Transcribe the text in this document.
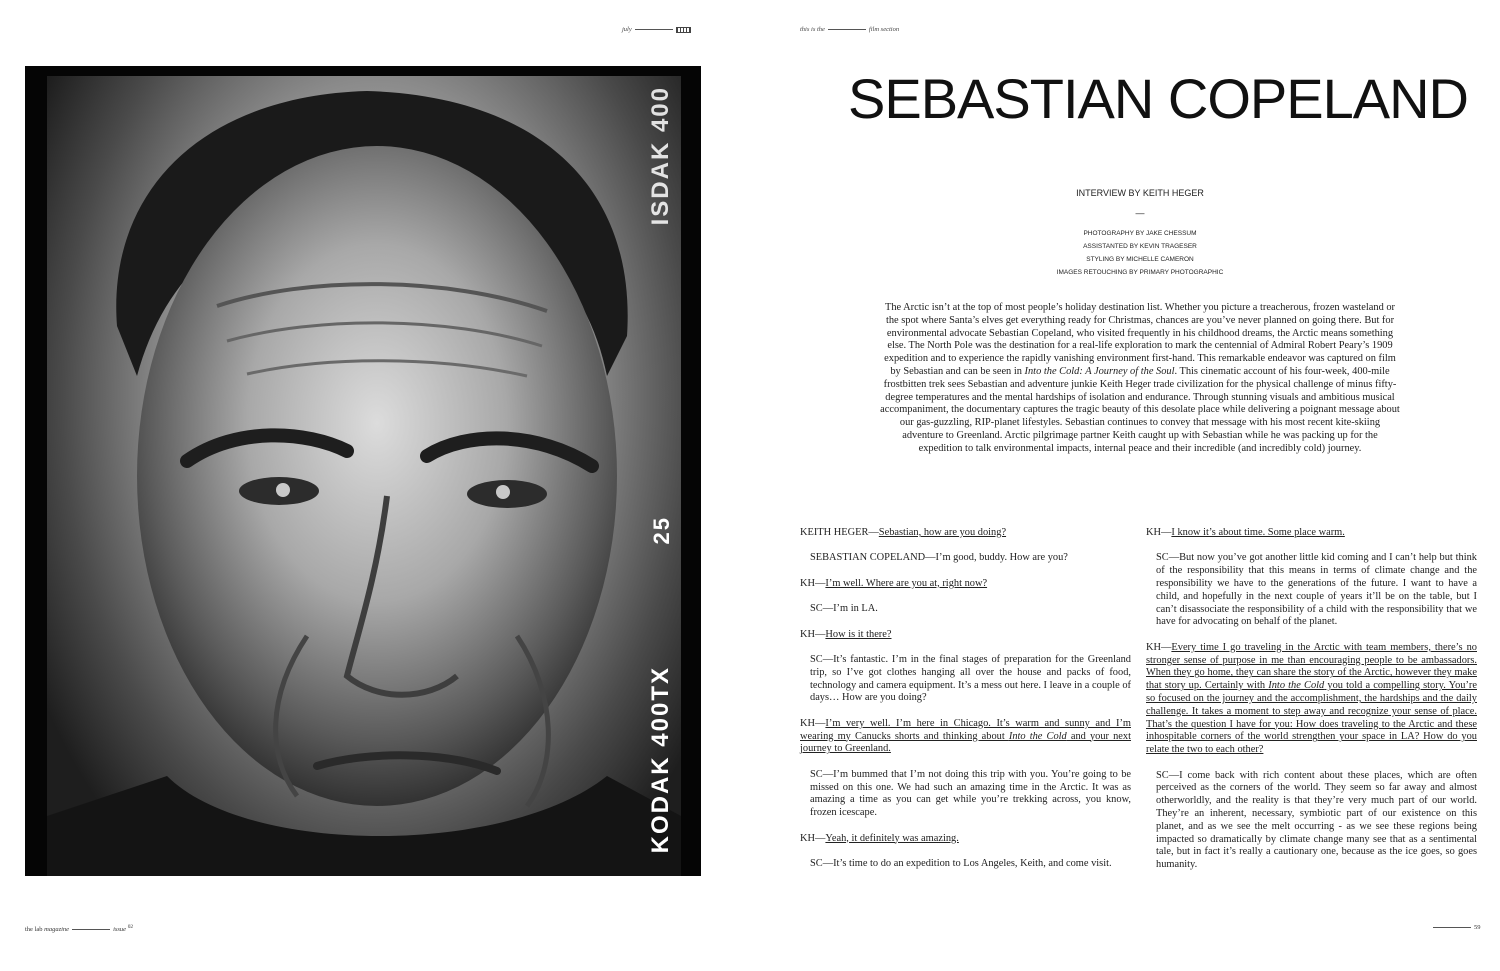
july	this is the	film section
ISDAK 400
25
KODAK 400TX
SEBASTIAN COPELAND
INTERVIEW BY KEITH HEGER
—
PHOTOGRAPHY BY JAKE CHESSUM
ASSISTANTED BY KEVIN TRAGESER
STYLING BY MICHELLE CAMERON
IMAGES RETOUCHING BY PRIMARY PHOTOGRAPHIC
The Arctic isn’t at the top of most people’s holiday destination list. Whether you picture a treacherous, frozen wasteland or the spot where Santa’s elves get everything ready for Christmas, chances are you’ve never planned on going there. But for environmental advocate Sebastian Copeland, who visited frequently in his childhood dreams, the Arctic means something else. The North Pole was the destination for a real-life exploration to mark the centennial of Admiral Robert Peary’s 1909 expedition and to experience the rapidly vanishing environment first-hand. This remarkable endeavor was captured on film by Sebastian and can be seen in Into the Cold: A Journey of the Soul. This cinematic account of his four-week, 400-mile frostbitten trek sees Sebastian and adventure junkie Keith Heger trade civilization for the physical challenge of minus fifty-degree temperatures and the mental hardships of isolation and endurance. Through stunning visuals and ambitious musical accompaniment, the documentary captures the tragic beauty of this desolate place while delivering a poignant message about our gas-guzzling, RIP-planet lifestyles. Sebastian continues to convey that message with his most recent kite-skiing adventure to Greenland. Arctic pilgrimage partner Keith caught up with Sebastian while he was packing up for the expedition to talk environmental impacts, internal peace and their incredible (and incredibly cold) journey.

KEITH HEGER—Sebastian, how are you doing?

SEBASTIAN COPELAND—I’m good, buddy. How are you?

KH—I’m well. Where are you at, right now?

SC—I’m in LA.

KH—How is it there?

SC—It’s fantastic. I’m in the final stages of preparation for the Greenland trip, so I’ve got clothes hanging all over the house and packs of food, technology and camera equipment. It’s a mess out here. I leave in a couple of days… How are you doing?

KH—I’m very well. I’m here in Chicago. It’s warm and sunny and I’m wearing my Canucks shorts and thinking about Into the Cold and your next journey to Greenland.

SC—I’m bummed that I’m not doing this trip with you. You’re going to be missed on this one. We had such an amazing time in the Arctic. It was as amazing a time as you can get while you’re trekking across, you know, frozen icescape.

KH—Yeah, it definitely was amazing.

SC—It’s time to do an expedition to Los Angeles, Keith, and come visit.

KH—I know it’s about time. Some place warm.

SC—But now you’ve got another little kid coming and I can’t help but think of the responsibility that this means in terms of climate change and the responsibility we have to the generations of the future. I want to have a child, and hopefully in the next couple of years it’ll be on the table, but I can’t disassociate the responsibility of a child with the responsibility that we have for advocating on behalf of the planet.

KH—Every time I go traveling in the Arctic with team members, there’s no stronger sense of purpose in me than encouraging people to be ambassadors. When they go home, they can share the story of the Arctic, however they make that story up. Certainly with Into the Cold you told a compelling story. You’re so focused on the journey and the accomplishment, the hardships and the daily challenge. It takes a moment to step away and recognize your sense of place. That’s the question I have for you: How does traveling to the Arctic and these inhospitable corners of the world strengthen your space in LA? How do you relate the two to each other?

SC—I come back with rich content about these places, which are often perceived as the corners of the world. They seem so far away and almost otherworldly, and the reality is that they’re very much part of our world. They’re an inherent, necessary, symbiotic part of our existence on this planet, and as we see the melt occurring - as we see these regions being impacted so dramatically by climate change many see that as a sentimental tale, but in fact it’s really a cautionary one, because as the ice goes, so goes humanity.

the lab magazine	issue $^{02}$	59
